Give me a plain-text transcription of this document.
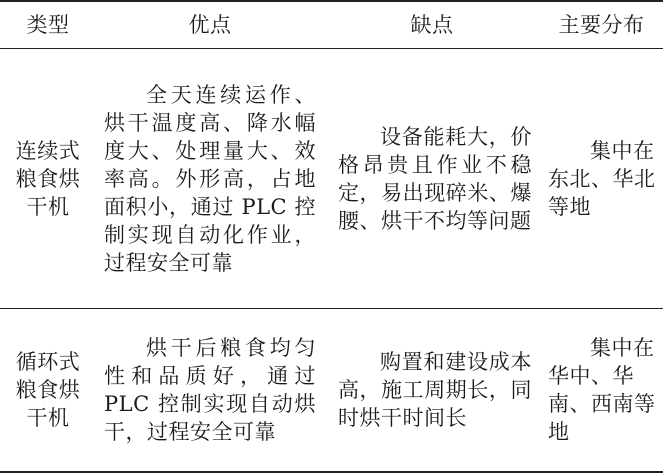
类型	优点	缺点	主要分布
连续式粮食烘干机	全天连续运作、烘干温度高、降水幅度大、处理量大、效率高。外形高，占地面积小，通过 PLC 控制实现自动化作业，过程安全可靠	设备能耗大，价格昂贵且作业不稳定，易出现碎米、爆腰、烘干不均等问题	集中在东北、华北等地

循环式粮食烘干机	烘干后粮食均匀性和品质好，通过 PLC 控制实现自动烘干，过程安全可靠	购置和建设成本高，施工周期长，同时烘干时间长	集中在华中、华南、西南等地
